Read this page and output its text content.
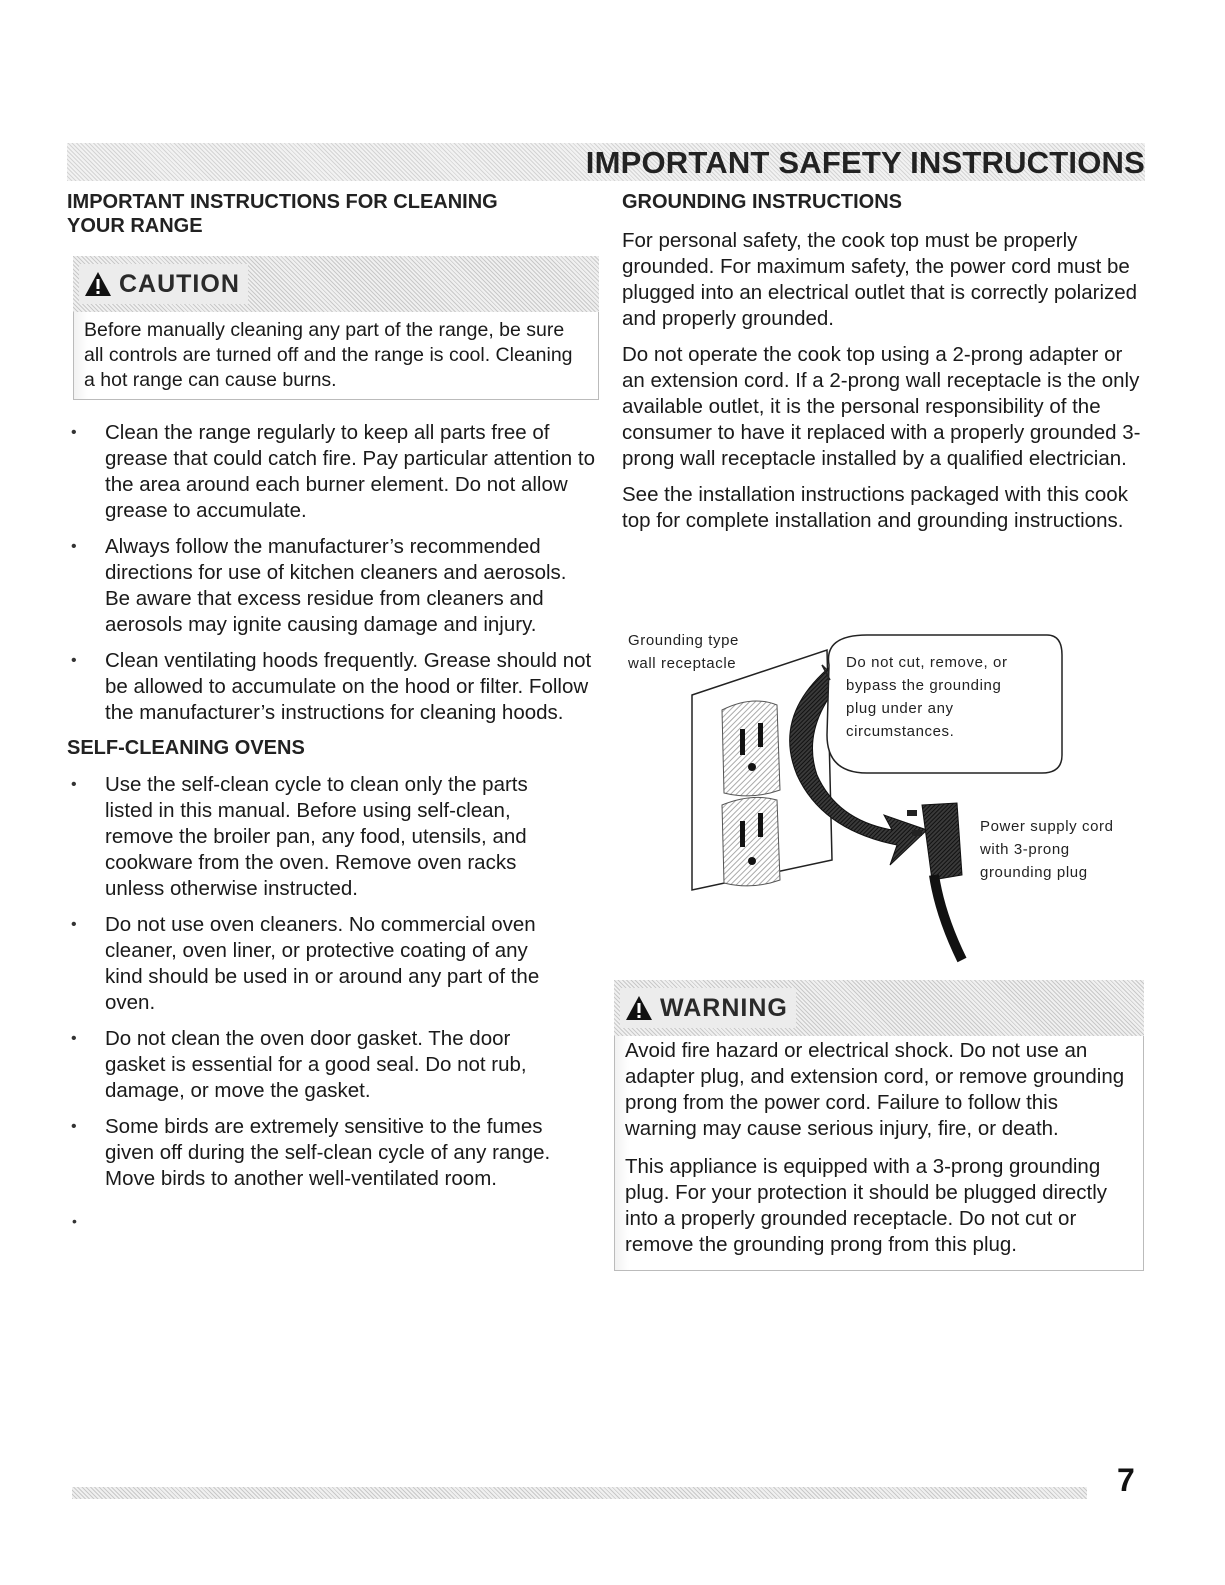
IMPORTANT SAFETY INSTRUCTIONS
IMPORTANT INSTRUCTIONS FOR CLEANING YOUR RANGE
CAUTION

Before manually cleaning any part of the range, be sure all controls are turned off and the range is cool. Cleaning a hot range can cause burns.

• Clean the range regularly to keep all parts free of grease that could catch fire. Pay particular attention to the area around each burner element. Do not allow grease to accumulate.
• Always follow the manufacturer’s recommended directions for use of kitchen cleaners and aerosols. Be aware that excess residue from cleaners and aerosols may ignite causing damage and injury.
• Clean ventilating hoods frequently. Grease should not be allowed to accumulate on the hood or filter. Follow the manufacturer’s instructions for cleaning hoods.
SELF-CLEANING OVENS
• Use the self-clean cycle to clean only the parts listed in this manual. Before using self-clean, remove the broiler pan, any food, utensils, and cookware from the oven. Remove oven racks unless otherwise instructed.
• Do not use oven cleaners. No commercial oven cleaner, oven liner, or protective coating of any kind should be used in or around any part of the oven.
• Do not clean the oven door gasket. The door gasket is essential for a good seal. Do not rub, damage, or move the gasket.
• Some birds are extremely sensitive to the fumes given off during the self-clean cycle of any range. Move birds to another well-ventilated room.
•
GROUNDING INSTRUCTIONS

For personal safety, the cook top must be properly grounded. For maximum safety, the power cord must be plugged into an electrical outlet that is correctly polarized and properly grounded.

Do not operate the cook top using a 2-prong adapter or an extension cord. If a 2-prong wall receptacle is the only available outlet, it is the personal responsibility of the consumer to have it replaced with a properly grounded 3-prong wall receptacle installed by a qualified electrician.

See the installation instructions packaged with this cook top for complete installation and grounding instructions.

Grounding type
wall receptacle	Do not cut, remove, or
bypass the grounding
plug under any
circumstances.
Power supply cord
with 3-prong
grounding plug
WARNING

Avoid fire hazard or electrical shock. Do not use an adapter plug, and extension cord, or remove grounding prong from the power cord. Failure to follow this warning may cause serious injury, fire, or death.

This appliance is equipped with a 3-prong grounding plug. For your protection it should be plugged directly into a properly grounded receptacle. Do not cut or remove the grounding prong from this plug.

7
